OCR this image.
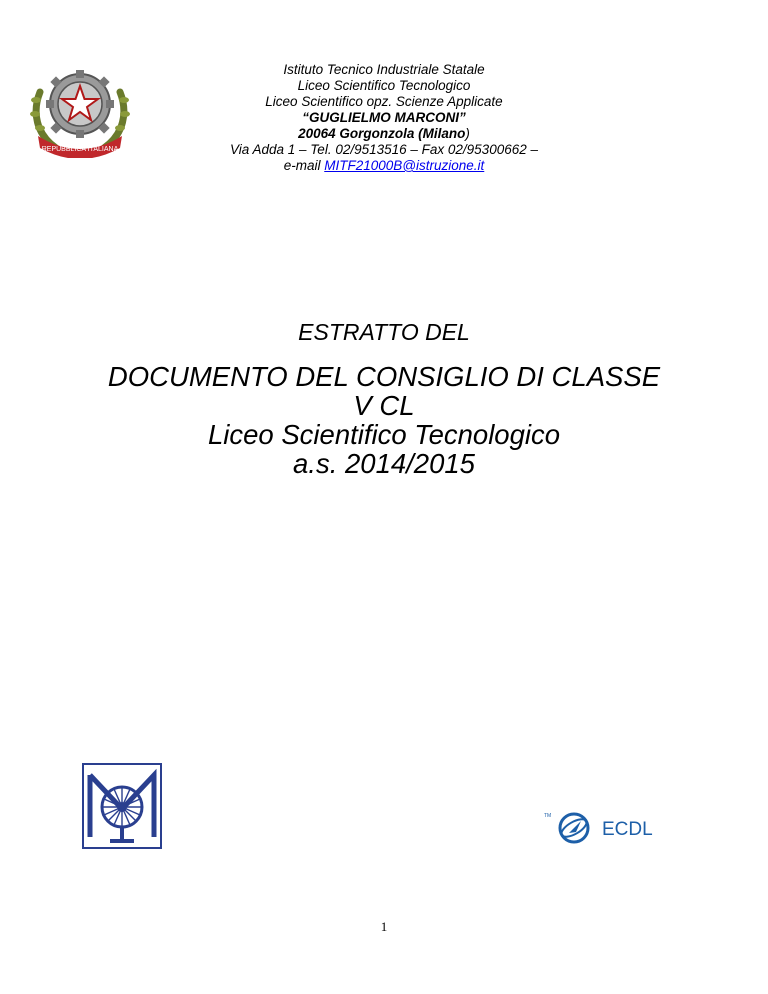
REPUBBLICA ITALIANA
Istituto Tecnico Industriale Statale
Liceo Scientifico Tecnologico
Liceo Scientifico opz. Scienze Applicate
“GUGLIELMO MARCONI”
20064 Gorgonzola (Milano)
Via Adda 1 – Tel. 02/9513516 – Fax 02/95300662 –
e-mail MITF21000B@istruzione.it
ESTRATTO DEL
DOCUMENTO DEL CONSIGLIO DI CLASSE
V CL
Liceo Scientifico Tecnologico
a.s. 2014/2015
TM
ECDL
1
